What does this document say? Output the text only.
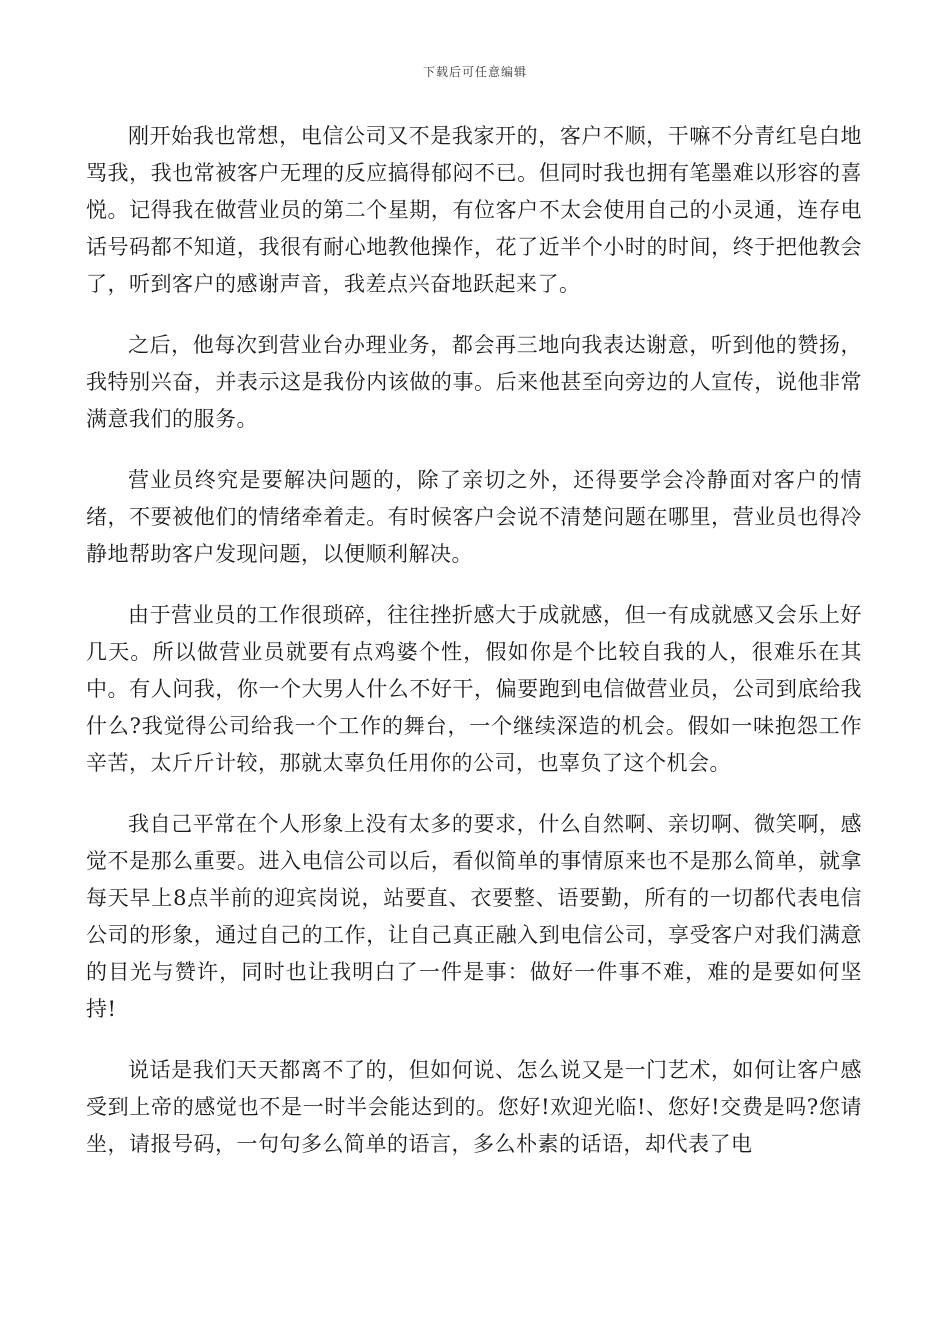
下载后可任意编辑

刚开始我也常想，电信公司又不是我家开的，客户不顺，干嘛不分青红皂白地骂我，我也常被客户无理的反应搞得郁闷不已。但同时我也拥有笔墨难以形容的喜悦。记得我在做营业员的第二个星期，有位客户不太会使用自己的小灵通，连存电话号码都不知道，我很有耐心地教他操作，花了近半个小时的时间，终于把他教会了，听到客户的感谢声音，我差点兴奋地跃起来了。

之后，他每次到营业台办理业务，都会再三地向我表达谢意，听到他的赞扬，我特别兴奋，并表示这是我份内该做的事。后来他甚至向旁边的人宣传，说他非常满意我们的服务。

营业员终究是要解决问题的，除了亲切之外，还得要学会冷静面对客户的情绪，不要被他们的情绪牵着走。有时候客户会说不清楚问题在哪里，营业员也得冷静地帮助客户发现问题，以便顺利解决。

由于营业员的工作很琐碎，往往挫折感大于成就感，但一有成就感又会乐上好几天。所以做营业员就要有点鸡婆个性，假如你是个比较自我的人，很难乐在其中。有人问我，你一个大男人什么不好干，偏要跑到电信做营业员，公司到底给我什么?我觉得公司给我一个工作的舞台，一个继续深造的机会。假如一味抱怨工作辛苦，太斤斤计较，那就太辜负任用你的公司，也辜负了这个机会。

我自己平常在个人形象上没有太多的要求，什么自然啊、亲切啊、微笑啊，感觉不是那么重要。进入电信公司以后，看似简单的事情原来也不是那么简单，就拿每天早上8点半前的迎宾岗说，站要直、衣要整、语要勤，所有的一切都代表电信公司的形象，通过自己的工作，让自己真正融入到电信公司，享受客户对我们满意的目光与赞许，同时也让我明白了一件是事：做好一件事不难，难的是要如何坚持!

说话是我们天天都离不了的，但如何说、怎么说又是一门艺术，如何让客户感受到上帝的感觉也不是一时半会能达到的。您好!欢迎光临!、您好!交费是吗?您请坐，请报号码，一句句多么简单的语言，多么朴素的话语，却代表了电
